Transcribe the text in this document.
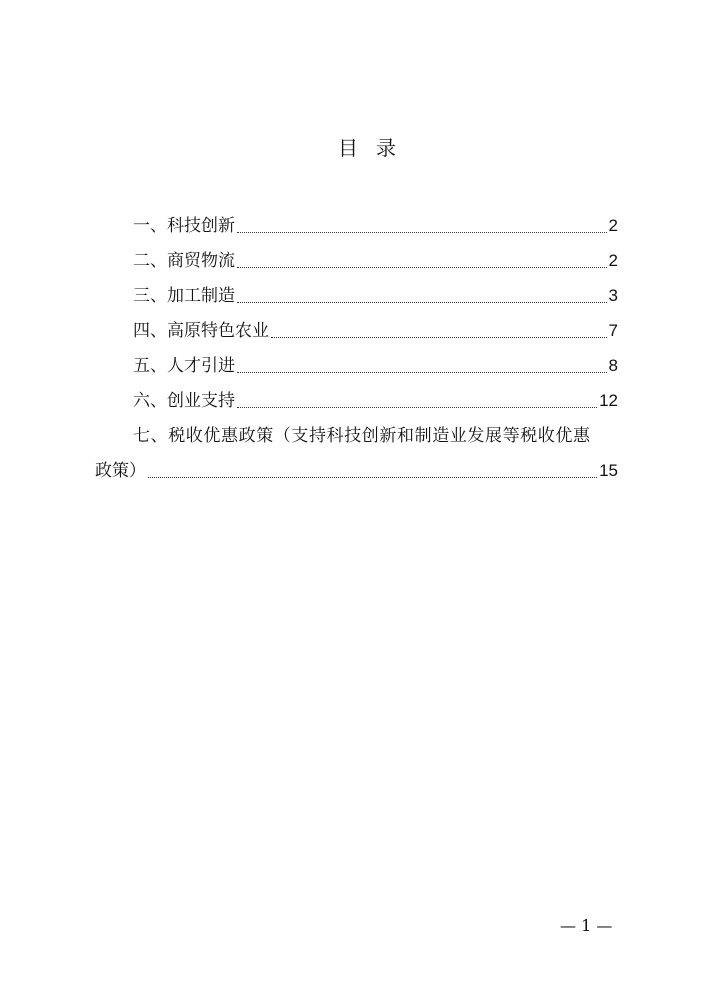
目录
一、科技创新	2
二、商贸物流	2
三、加工制造	3
四、高原特色农业	7
五、人才引进	8
六、创业支持	12
七、税收优惠政策（支持科技创新和制造业发展等税收优惠
政策）	15
— 1 —
